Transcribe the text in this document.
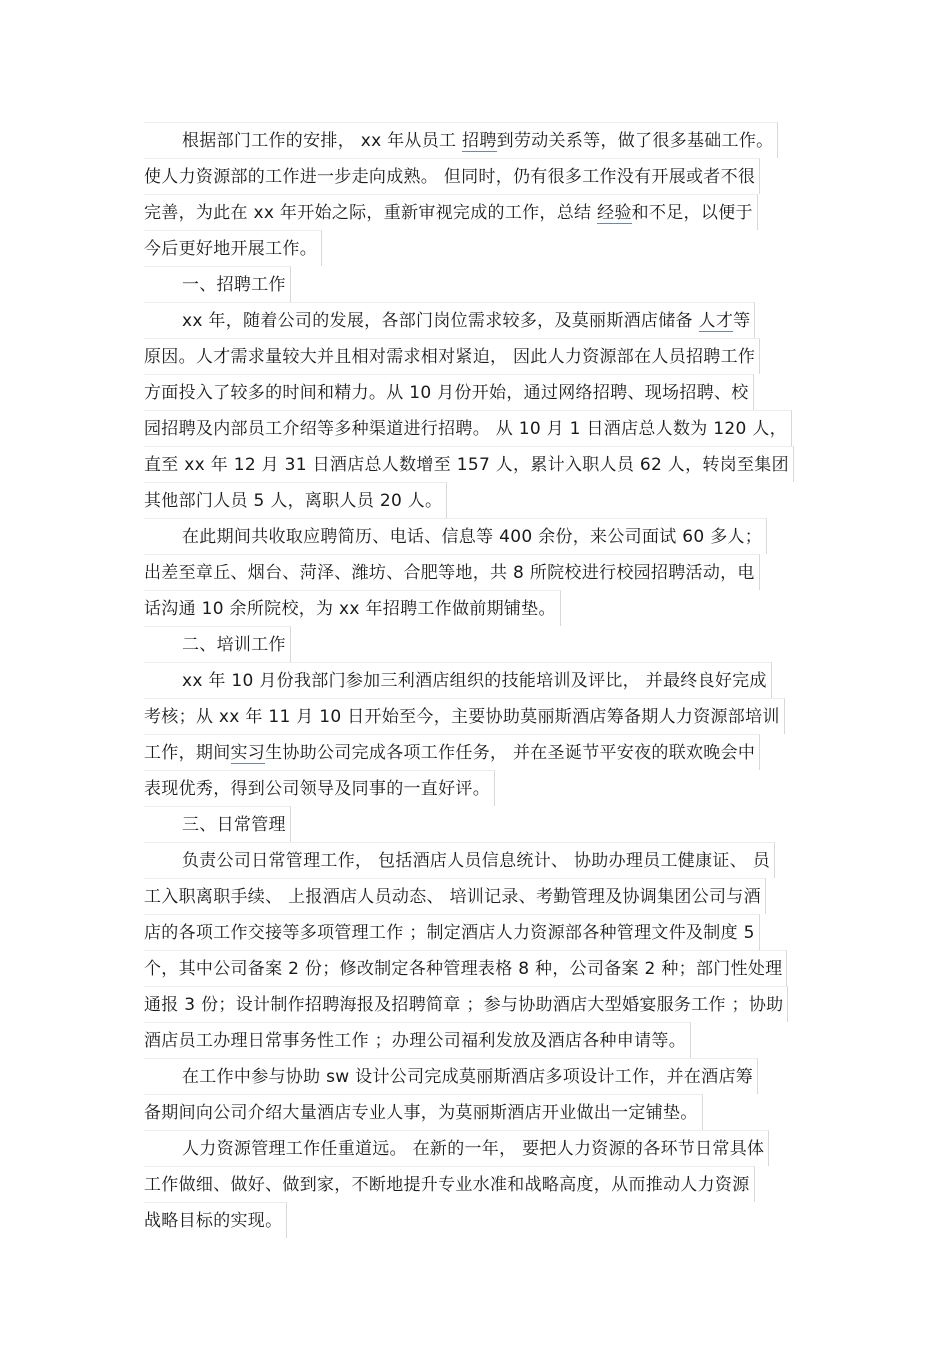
根据部门工作的安排， xx 年从员工 招聘到劳动关系等，做了很多基础工作。
使人力资源部的工作进一步走向成熟。 但同时，仍有很多工作没有开展或者不很
完善，为此在 xx 年开始之际，重新审视完成的工作，总结 经验和不足，以便于
今后更好地开展工作。
一、招聘工作
xx 年，随着公司的发展，各部门岗位需求较多，及莫丽斯酒店储备 人才等
原因。人才需求量较大并且相对需求相对紧迫， 因此人力资源部在人员招聘工作
方面投入了较多的时间和精力。从 10 月份开始，通过网络招聘、现场招聘、校
园招聘及内部员工介绍等多种渠道进行招聘。 从 10 月 1 日酒店总人数为 120 人，
直至 xx 年 12 月 31 日酒店总人数增至 157 人，累计入职人员 62 人，转岗至集团
其他部门人员 5 人，离职人员 20 人。
在此期间共收取应聘简历、电话、信息等 400 余份，来公司面试 60 多人；
出差至章丘、烟台、菏泽、潍坊、合肥等地，共 8 所院校进行校园招聘活动，电
话沟通 10 余所院校，为 xx 年招聘工作做前期铺垫。
二、培训工作
xx 年 10 月份我部门参加三利酒店组织的技能培训及评比， 并最终良好完成
考核；从 xx 年 11 月 10 日开始至今，主要协助莫丽斯酒店筹备期人力资源部培训
工作，期间实习生协助公司完成各项工作任务， 并在圣诞节平安夜的联欢晚会中
表现优秀，得到公司领导及同事的一直好评。
三、日常管理
负责公司日常管理工作， 包括酒店人员信息统计、 协助办理员工健康证、 员
工入职离职手续、 上报酒店人员动态、 培训记录、考勤管理及协调集团公司与酒
店的各项工作交接等多项管理工作 ；制定酒店人力资源部各种管理文件及制度 5
个，其中公司备案 2 份；修改制定各种管理表格 8 种，公司备案 2 种；部门性处理
通报 3 份；设计制作招聘海报及招聘简章 ；参与协助酒店大型婚宴服务工作 ；协助
酒店员工办理日常事务性工作 ；办理公司福利发放及酒店各种申请等。
在工作中参与协助 sw 设计公司完成莫丽斯酒店多项设计工作，并在酒店筹
备期间向公司介绍大量酒店专业人事，为莫丽斯酒店开业做出一定铺垫。
人力资源管理工作任重道远。 在新的一年， 要把人力资源的各环节日常具体
工作做细、做好、做到家，不断地提升专业水准和战略高度，从而推动人力资源
战略目标的实现。
